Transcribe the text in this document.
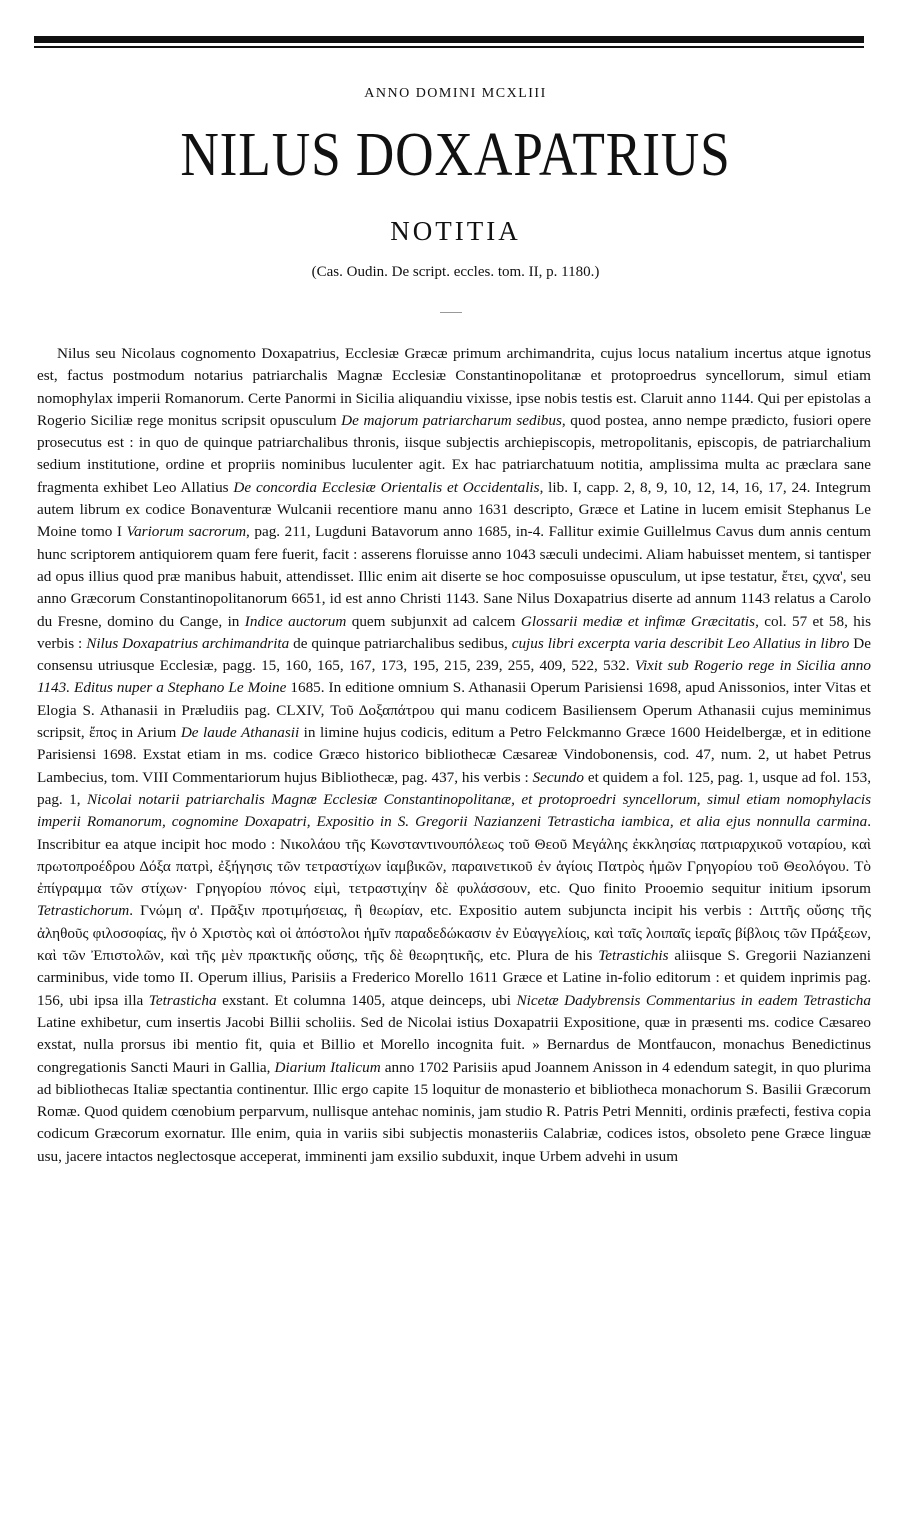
ANNO DOMINI MCXLIII
NILUS DOXAPATRIUS
NOTITIA
(Cas. Oudin. De script. eccles. tom. II, p. 1180.)

Nilus seu Nicolaus cognomento Doxapatrius, Ecclesiæ Græcæ primum archimandrita, cujus locus natalium incertus atque ignotus est, factus postmodum notarius patriarchalis Magnæ Ecclesiæ Constantinopolitanæ et protoproedrus syncellorum, simul etiam nomophylax imperii Romanorum. Certe Panormi in Sicilia aliquandiu vixisse, ipse nobis testis est. Claruit anno 1144. Qui per epistolas a Rogerio Siciliæ rege monitus scripsit opusculum De majorum patriarcharum sedibus, quod postea, anno nempe prædicto, fusiori opere prosecutus est : in quo de quinque patriarchalibus thronis, iisque subjectis archiepiscopis, metropolitanis, episcopis, de patriarchalium sedium institutione, ordine et propriis nominibus luculenter agit. Ex hac patriarchatuum notitia, amplissima multa ac præclara sane fragmenta exhibet Leo Allatius De concordia Ecclesiæ Orientalis et Occidentalis, lib. I, capp. 2, 8, 9, 10, 12, 14, 16, 17, 24. Integrum autem librum ex codice Bonaventuræ Wulcanii recentiore manu anno 1631 descripto, Græce et Latine in lucem emisit Stephanus Le Moine tomo I Variorum sacrorum, pag. 211, Lugduni Batavorum anno 1685, in-4. Fallitur eximie Guillelmus Cavus dum annis centum hunc scriptorem antiquiorem quam fere fuerit, facit : asserens floruisse anno 1043 sæculi undecimi. Aliam habuisset mentem, si tantisper ad opus illius quod præ manibus habuit, attendisset. Illic enim ait diserte se hoc composuisse opusculum, ut ipse testatur, ἔτει, ςχνα', seu anno Græcorum Constantinopolitanorum 6651, id est anno Christi 1143. Sane Nilus Doxapatrius diserte ad annum 1143 relatus a Carolo du Fresne, domino du Cange, in Indice auctorum quem subjunxit ad calcem Glossarii mediæ et infimæ Græcitatis, col. 57 et 58, his verbis : Nilus Doxapatrius archimandrita de quinque patriarchalibus sedibus, cujus libri excerpta varia describit Leo Allatius in libro De consensu utriusque Ecclesiæ, pagg. 15, 160, 165, 167, 173, 195, 215, 239, 255, 409, 522, 532. Vixit sub Rogerio rege in Sicilia anno 1143. Editus nuper a Stephano Le Moine 1685. In editione omnium S. Athanasii Operum Parisiensi 1698, apud Anissonios, inter Vitas et Elogia S. Athanasii in Præludiis pag. CLXIV, Τοῦ Δοξαπάτρου qui manu codicem Basiliensem Operum Athanasii cujus meminimus scripsit, ἔπος in Arium De laude Athanasii in limine hujus codicis, editum a Petro Felckmanno Græce 1600 Heidelbergæ, et in editione Parisiensi 1698. Exstat etiam in ms. codice Græco historico bibliothecæ Cæsareæ Vindobonensis, cod. 47, num. 2, ut habet Petrus Lambecius, tom. VIII Commentariorum hujus Bibliothecæ, pag. 437, his verbis : Secundo et quidem a fol. 125, pag. 1, usque ad fol. 153, pag. 1, Nicolai notarii patriarchalis Magnæ Ecclesiæ Constantinopolitanæ, et protoproedri syncellorum, simul etiam nomophylacis imperii Romanorum, cognomine Doxapatri, Expositio in S. Gregorii Nazianzeni Tetrasticha iambica, et alia ejus nonnulla carmina. Inscribitur ea atque incipit hoc modo : Νικολάου τῆς Κωνσταντινουπόλεως τοῦ Θεοῦ Μεγάλης ἐκκλησίας πατριαρχικοῦ νοταρίου, καὶ πρωτοπροέδρου Δόξα πατρὶ, ἐξήγησις τῶν τετραστίχων ἰαμβικῶν, παραινετικοῦ ἐν ἁγίοις Πατρὸς ἡμῶν Γρηγορίου τοῦ Θεολόγου. Τὸ ἐπίγραμμα τῶν στίχων· Γρηγορίου πόνος εἰμὶ, τετραστιχίην δὲ φυλάσσουν, etc. Quo finito Prooemio sequitur initium ipsorum Tetrastichorum. Γνώμη α'. Πρᾶξιν προτιμήσειας, ἢ θεωρίαν, etc. Expositio autem subjuncta incipit his verbis : Διττῆς οὔσης τῆς ἀληθοῦς φιλοσοφίας, ἣν ὁ Χριστὸς καὶ οἱ ἀπόστολοι ἡμῖν παραδεδώκασιν ἐν Εὐαγγελίοις, καὶ ταῖς λοιπαῖς ἱεραῖς βίβλοις τῶν Πράξεων, καὶ τῶν Ἐπιστολῶν, καὶ τῆς μὲν πρακτικῆς οὔσης, τῆς δὲ θεωρητικῆς, etc. Plura de his Tetrastichis aliisque S. Gregorii Nazianzeni carminibus, vide tomo II. Operum illius, Parisiis a Frederico Morello 1611 Græce et Latine in-folio editorum : et quidem inprimis pag. 156, ubi ipsa illa Tetrasticha exstant. Et columna 1405, atque deinceps, ubi Nicetæ Dadybrensis Commentarius in eadem Tetrasticha Latine exhibetur, cum insertis Jacobi Billii scholiis. Sed de Nicolai istius Doxapatrii Expositione, quæ in præsenti ms. codice Cæsareo exstat, nulla prorsus ibi mentio fit, quia et Billio et Morello incognita fuit. » Bernardus de Montfaucon, monachus Benedictinus congregationis Sancti Mauri in Gallia, Diarium Italicum anno 1702 Parisiis apud Joannem Anisson in 4 edendum sategit, in quo plurima ad bibliothecas Italiæ spectantia continentur. Illic ergo capite 15 loquitur de monasterio et bibliotheca monachorum S. Basilii Græcorum Romæ. Quod quidem cœnobium perparvum, nullisque antehac nominis, jam studio R. Patris Petri Menniti, ordinis præfecti, festiva copia codicum Græcorum exornatur. Ille enim, quia in variis sibi subjectis monasteriis Calabriæ, codices istos, obsoleto pene Græce linguæ usu, jacere intactos neglectosque acceperat, imminenti jam exsilio subduxit, inque Urbem advehi in usum
